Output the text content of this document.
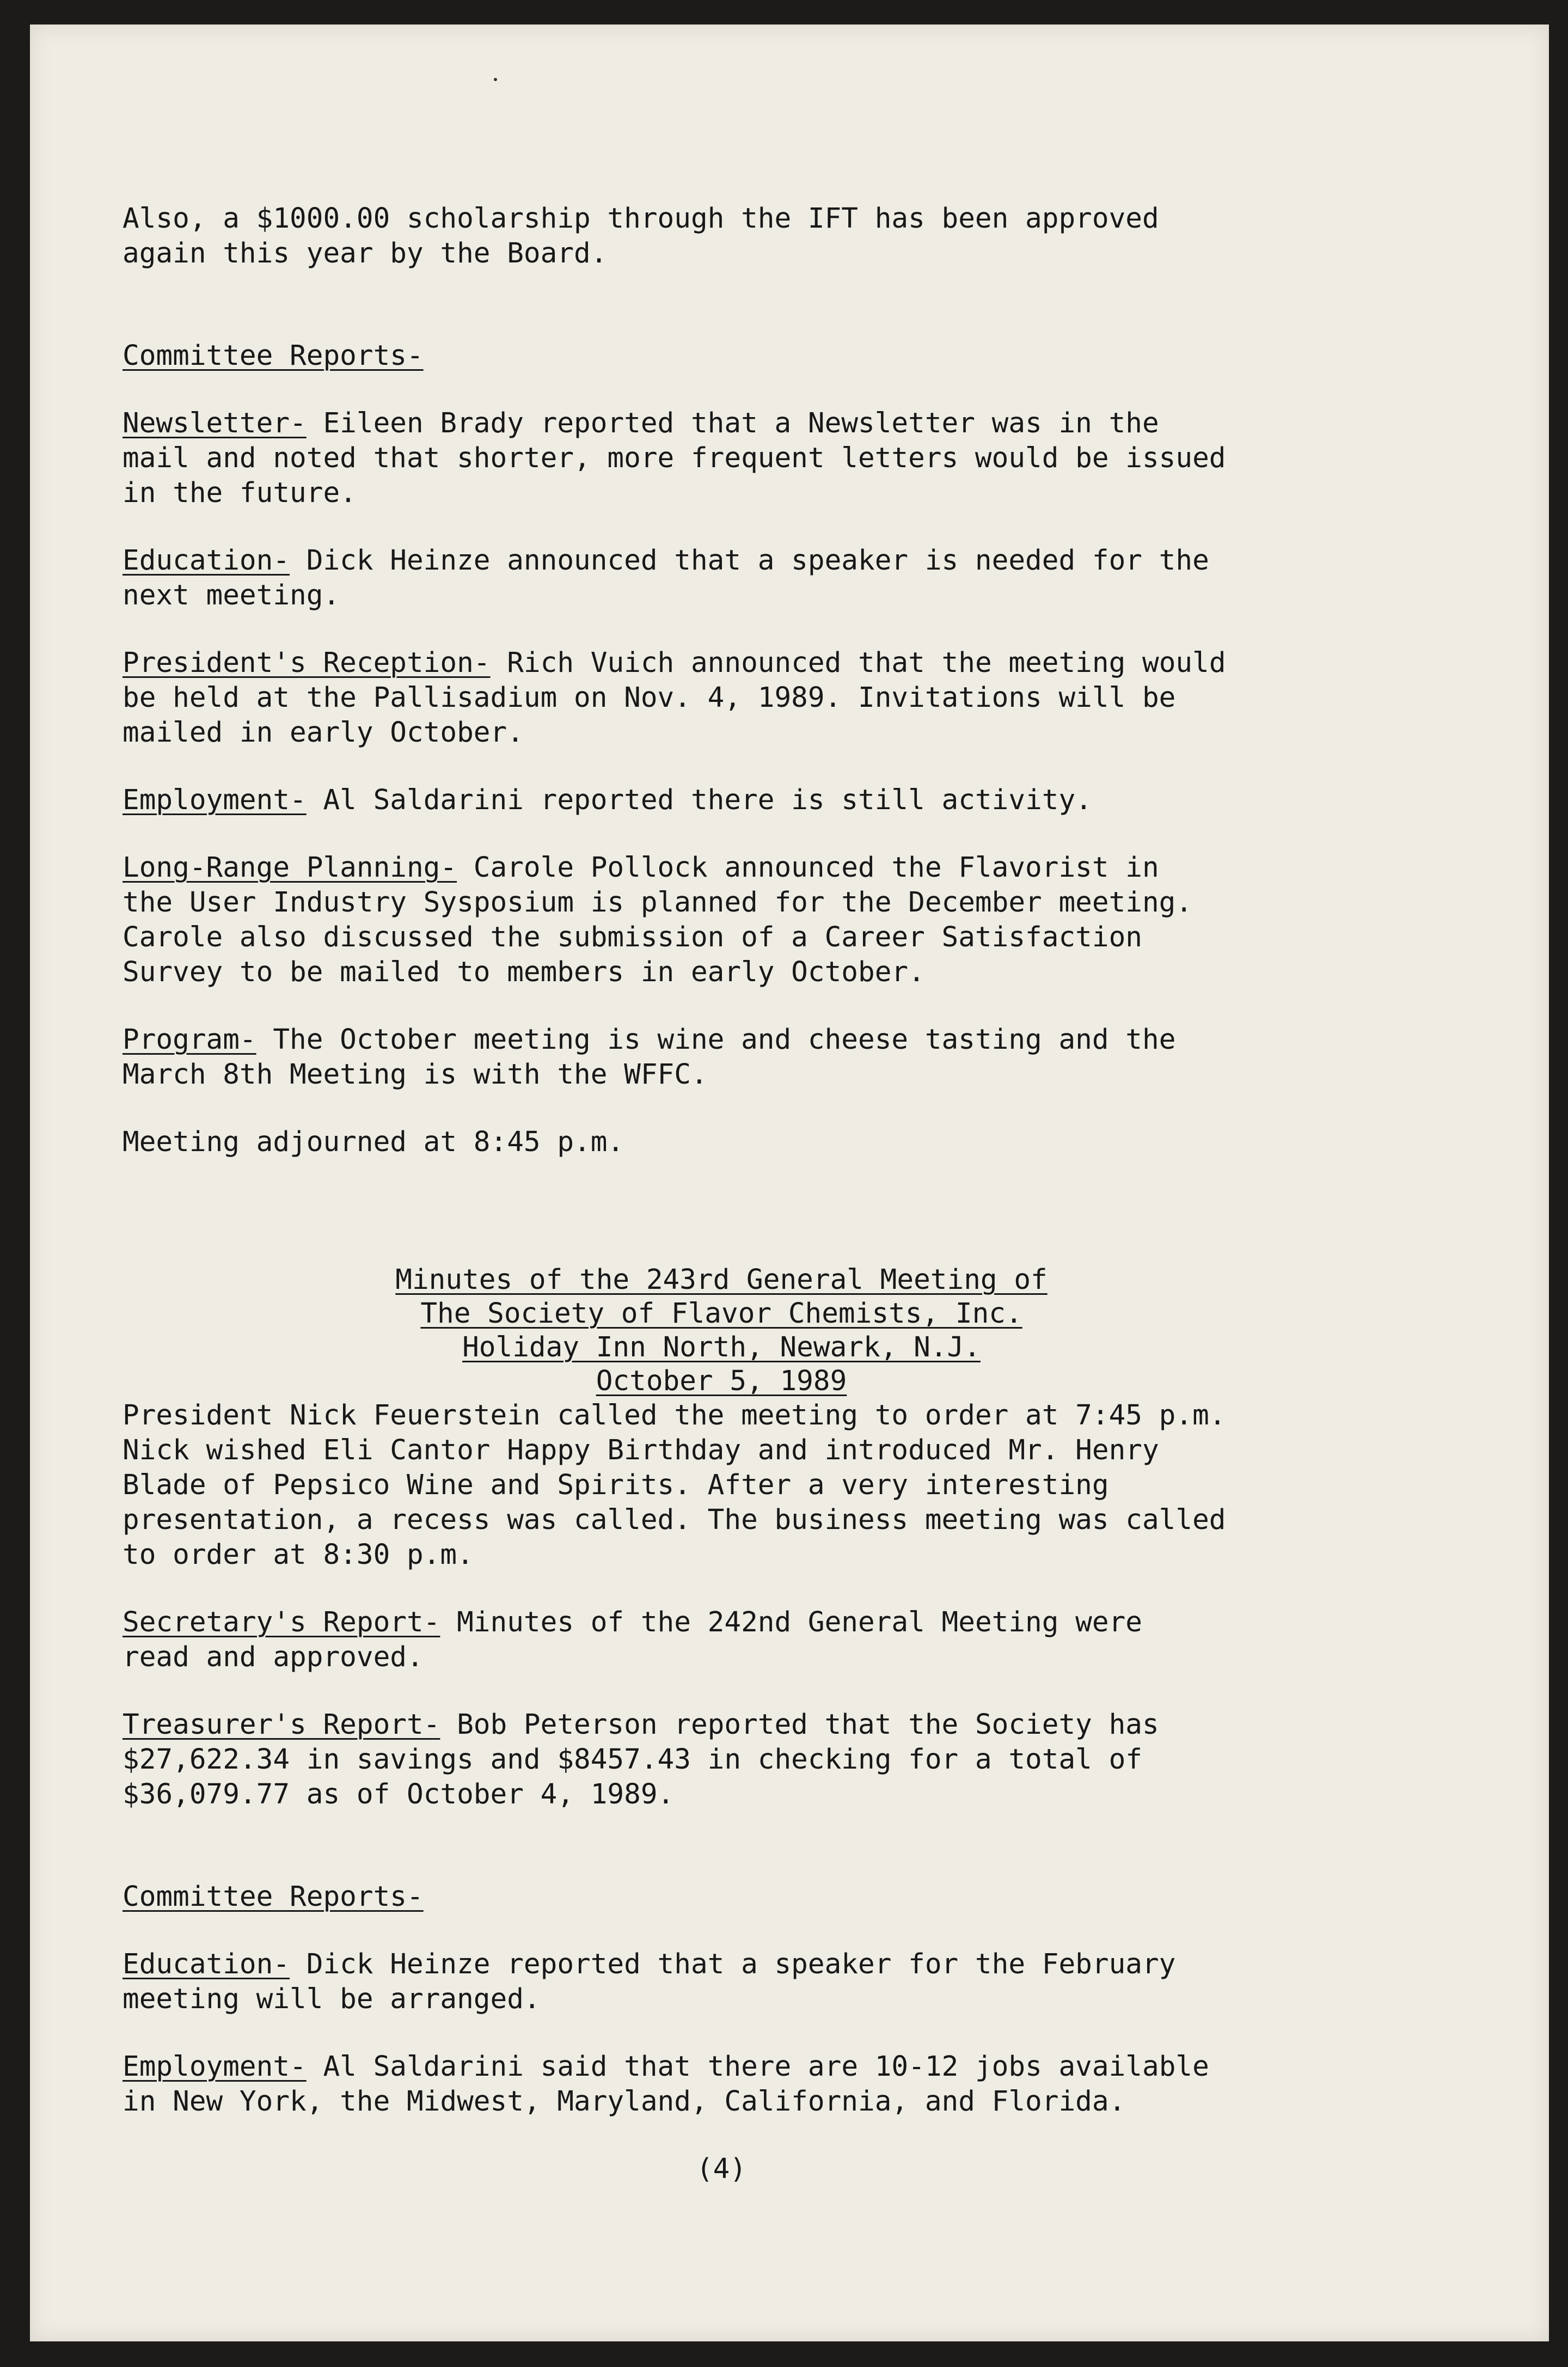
Also, a $1000.00 scholarship through the IFT has been approved
again this year by the Board.

Committee Reports-

Newsletter- Eileen Brady reported that a Newsletter was in the
mail and noted that shorter, more frequent letters would be issued
in the future.
Education- Dick Heinze announced that a speaker is needed for the
next meeting.
President's Reception- Rich Vuich announced that the meeting would
be held at the Pallisadium on Nov. 4, 1989. Invitations will be
mailed in early October.
Employment- Al Saldarini reported there is still activity.
Long-Range Planning- Carole Pollock announced the Flavorist in
the User Industry Sysposium is planned for the December meeting.
Carole also discussed the submission of a Career Satisfaction
Survey to be mailed to members in early October.
Program- The October meeting is wine and cheese tasting and the
March 8th Meeting is with the WFFC.
Meeting adjourned at 8:45 p.m.
Minutes of the 243rd General Meeting of
The Society of Flavor Chemists, Inc.
Holiday Inn North, Newark, N.J.
October 5, 1989
President Nick Feuerstein called the meeting to order at 7:45 p.m.
Nick wished Eli Cantor Happy Birthday and introduced Mr. Henry
Blade of Pepsico Wine and Spirits. After a very interesting
presentation, a recess was called. The business meeting was called
to order at 8:30 p.m.
Secretary's Report- Minutes of the 242nd General Meeting were
read and approved.
Treasurer's Report- Bob Peterson reported that the Society has
$27,622.34 in savings and $8457.43 in checking for a total of
$36,079.77 as of October 4, 1989.

Committee Reports-

Education- Dick Heinze reported that a speaker for the February
meeting will be arranged.
Employment- Al Saldarini said that there are 10-12 jobs available
in New York, the Midwest, Maryland, California, and Florida.
(4)
